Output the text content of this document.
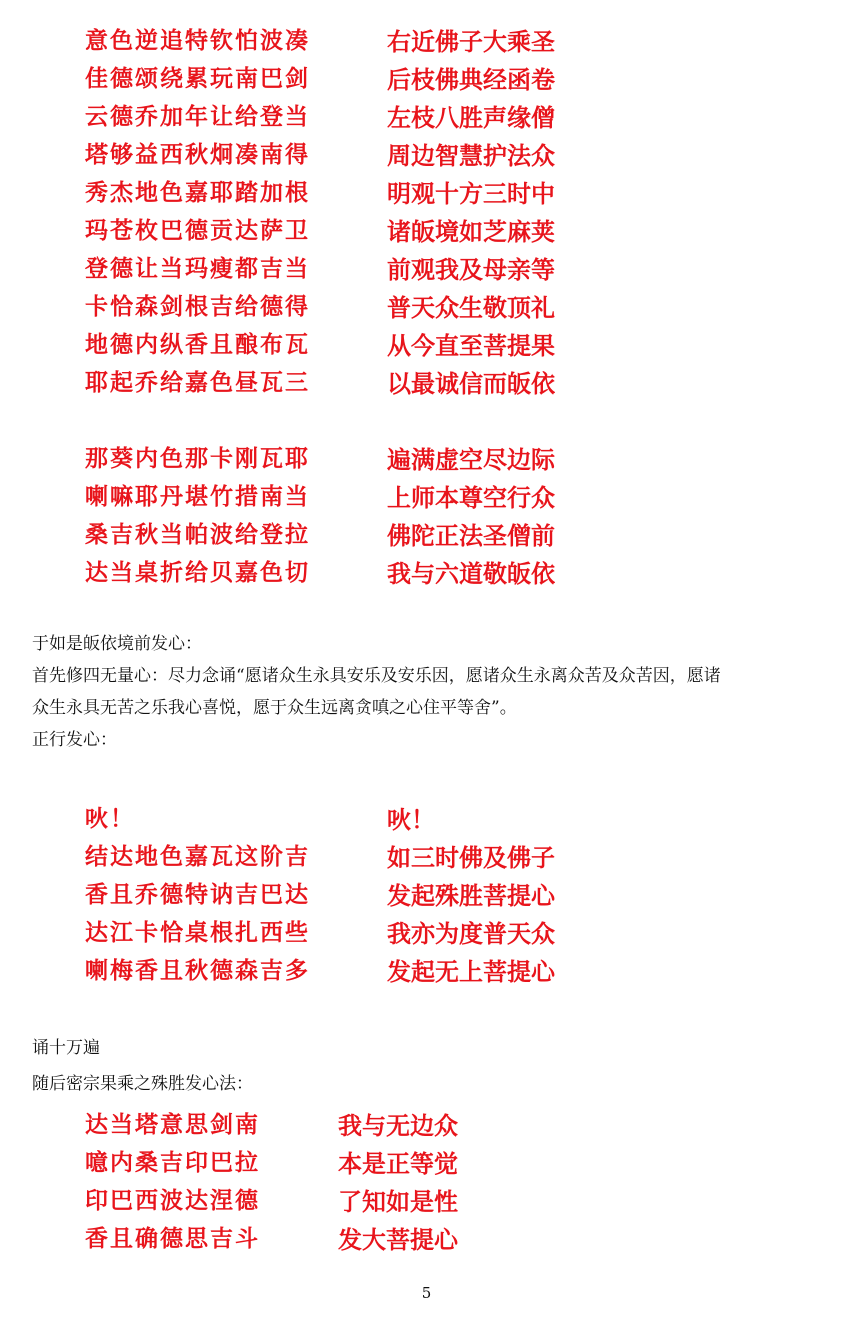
意色逆追特钦怕波凑	右近佛子大乘圣
佳德颂绕累玩南巴剑	后枝佛典经函卷
云德乔加年让给登当	左枝八胜声缘僧
塔够益西秋炯凑南得	周边智慧护法众
秀杰地色嘉耶踏加根	明观十方三时中
玛苍枚巴德贡达萨卫	诸皈境如芝麻荚
登德让当玛瘦都吉当	前观我及母亲等
卡恰森剑根吉给德得	普天众生敬顶礼
地德内纵香且酿布瓦	从今直至菩提果
耶起乔给嘉色昼瓦三	以最诚信而皈依
那葵内色那卡刚瓦耶	遍满虚空尽边际
喇嘛耶丹堪竹措南当	上师本尊空行众
桑吉秋当帕波给登拉	佛陀正法圣僧前
达当桌折给贝嘉色切	我与六道敬皈依
于如是皈依境前发心：
首先修四无量心：尽力念诵“愿诸众生永具安乐及安乐因，愿诸众生永离众苦及众苦因，愿诸
众生永具无苦之乐我心喜悦，愿于众生远离贪嗔之心住平等舍”。
正行发心：
吙！	吙！
结达地色嘉瓦这阶吉	如三时佛及佛子
香且乔德特讷吉巴达	发起殊胜菩提心
达江卡恰桌根扎西些	我亦为度普天众
喇梅香且秋德森吉多	发起无上菩提心
诵十万遍
随后密宗果乘之殊胜发心法：
达当塔意思剑南	我与无边众
噫内桑吉印巴拉	本是正等觉
印巴西波达涅德	了知如是性
香且确德思吉斗	发大菩提心
5
